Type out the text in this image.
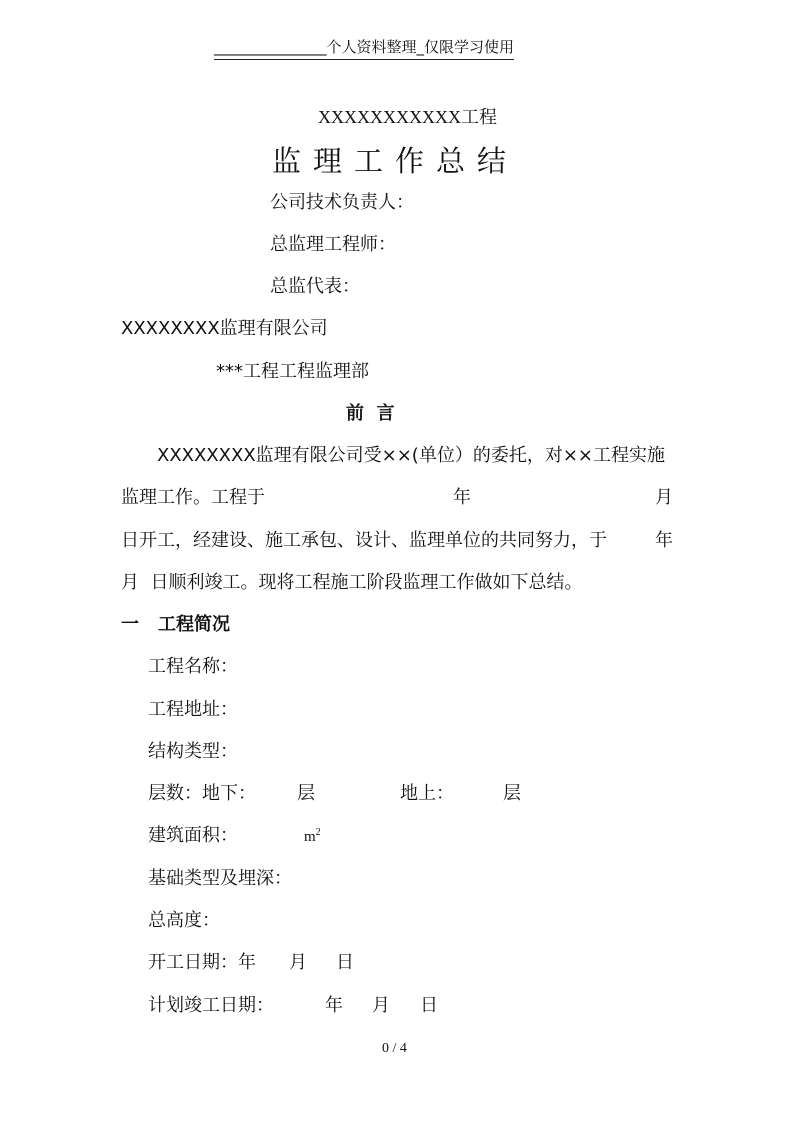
_______________个人资料整理_仅限学习使用
XXXXXXXXXXX工程
监理工作总结
公司技术负责人：
总监理工程师：
总监代表：
XXXXXXXX监理有限公司
***工程工程监理部
前  言
XXXXXXXX监理有限公司受××(单位）的委托，对××工程实施
监理工作。工程于	年	月
日开工，经建设、施工承包、设计、监理单位的共同努力，于	年
月  日顺利竣工。现将工程施工阶段监理工作做如下总结。
一 工程简况
工程名称：
工程地址：
结构类型：
层数：地下： 层	地上：	层
建筑面积：	$m^2$
基础类型及埋深：
总高度：
开工日期：年 月 日
计划竣工日期：	年 月 日
0 / 4
